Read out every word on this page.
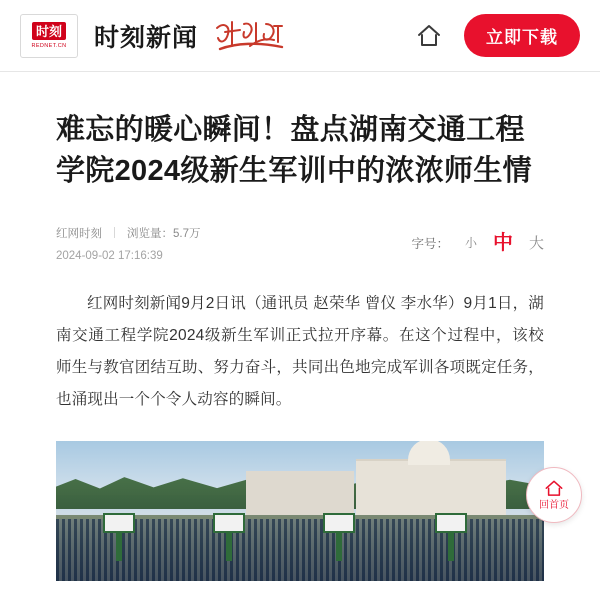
时刻
REDNET.CN 时刻新闻	立即下载
难忘的暖心瞬间！盘点湖南交通工程学院2024级新生军训中的浓浓师生情
红网时刻	浏览量：5.7万
2024-09-02 17:16:39
字号： 小 中 大

红网时刻新闻9月2日讯（通讯员 赵荣华 曾仪 李水华）9月1日，湖南交通工程学院2024级新生军训正式拉开序幕。在这个过程中，该校师生与教官团结互助、努力奋斗，共同出色地完成军训各项既定任务，也涌现出一个个令人动容的瞬间。

回首页
